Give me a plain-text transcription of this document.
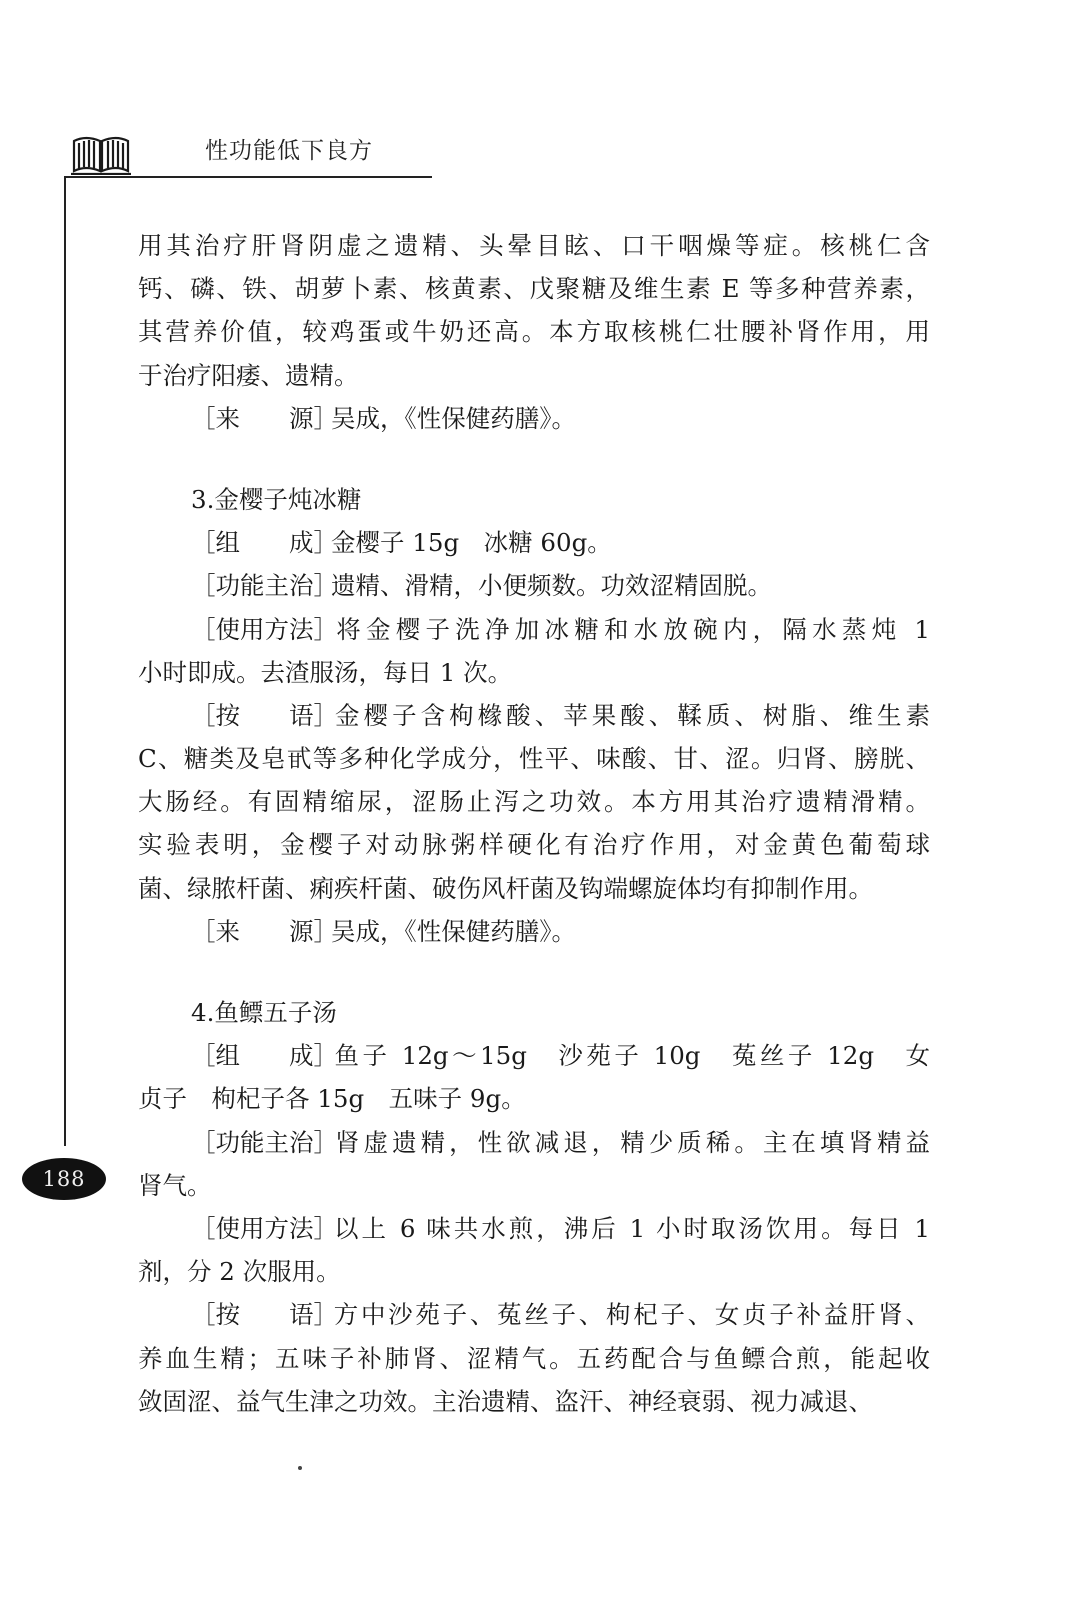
性功能低下良方
188
用其治疗肝肾阴虚之遗精、头晕目眩、口干咽燥等症。核桃仁含
钙、磷、铁、胡萝卜素、核黄素、戊聚糖及维生素 E 等多种营养素，
其营养价值，较鸡蛋或牛奶还高。本方取核桃仁壮腰补肾作用，用
于治疗阳痿、遗精。
［来　　源］吴成，《性保健药膳》。
3.金樱子炖冰糖
［组　　成］金樱子 15g　冰糖 60g。
［功能主治］遗精、滑精，小便频数。功效涩精固脱。
［使用方法］将金樱子洗净加冰糖和水放碗内，隔水蒸炖 1
小时即成。去渣服汤，每日 1 次。
［按　　语］金樱子含枸橼酸、苹果酸、鞣质、树脂、维生素
C、糖类及皂甙等多种化学成分，性平、味酸、甘、涩。归肾、膀胱、
大肠经。有固精缩尿，涩肠止泻之功效。本方用其治疗遗精滑精。
实验表明，金樱子对动脉粥样硬化有治疗作用，对金黄色葡萄球
菌、绿脓杆菌、痢疾杆菌、破伤风杆菌及钩端螺旋体均有抑制作用。
［来　　源］吴成，《性保健药膳》。
4.鱼鳔五子汤
［组　　成］鱼子 12g～15g　沙苑子 10g　菟丝子 12g　女
贞子　枸杞子各 15g　五味子 9g。
［功能主治］肾虚遗精，性欲减退，精少质稀。主在填肾精益
肾气。
［使用方法］以上 6 味共水煎，沸后 1 小时取汤饮用。每日 1
剂，分 2 次服用。
［按　　语］方中沙苑子、菟丝子、枸杞子、女贞子补益肝肾、
养血生精；五味子补肺肾、涩精气。五药配合与鱼鳔合煎，能起收
敛固涩、益气生津之功效。主治遗精、盗汗、神经衰弱、视力减退、
